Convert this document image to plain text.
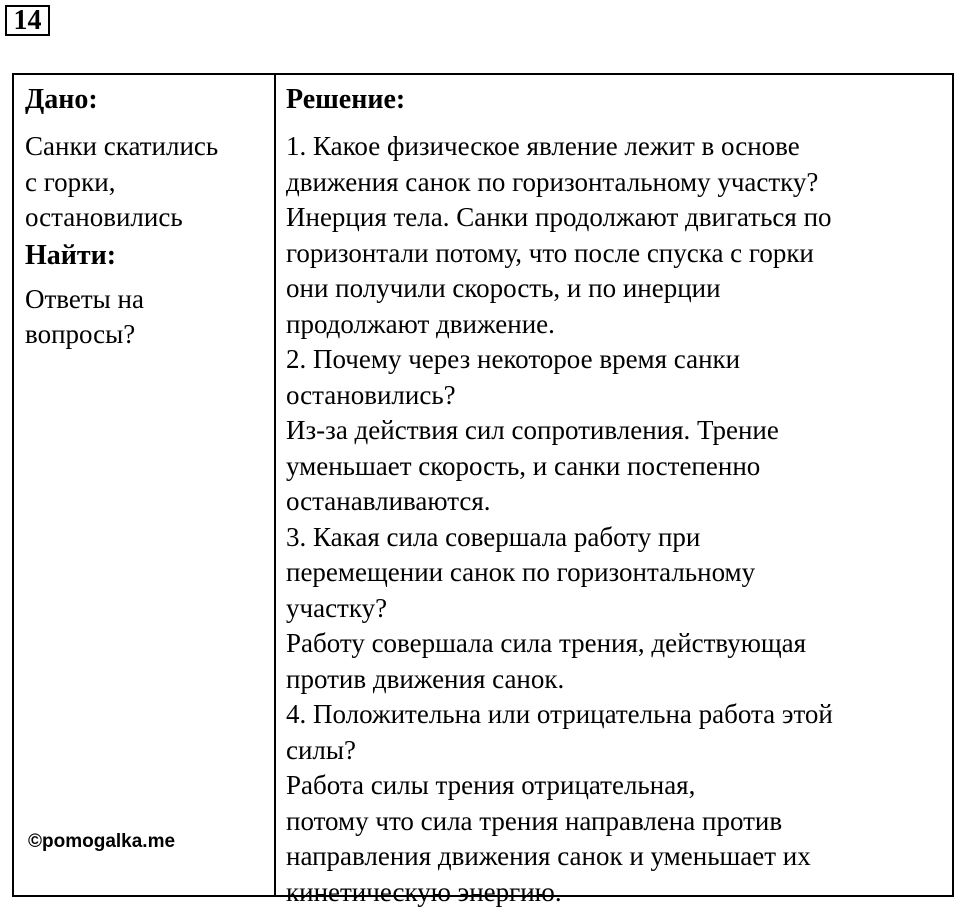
14
Дано:
Санки скатились
с горки,
остановились
Найти:
Ответы на
вопросы?
©pomogalka.me
Решение:
1. Какое физическое явление лежит в основе
движения санок по горизонтальному участку?
Инерция тела. Санки продолжают двигаться по
горизонтали потому, что после спуска с горки
они получили скорость, и по инерции
продолжают движение.
2. Почему через некоторое время санки
остановились?
Из-за действия сил сопротивления. Трение
уменьшает скорость, и санки постепенно
останавливаются.
3. Какая сила совершала работу при
перемещении санок по горизонтальному
участку?
Работу совершала сила трения, действующая
против движения санок.
4. Положительна или отрицательна работа этой
силы?
Работа силы трения отрицательная,
потому что сила трения направлена против
направления движения санок и уменьшает их
кинетическую энергию.
